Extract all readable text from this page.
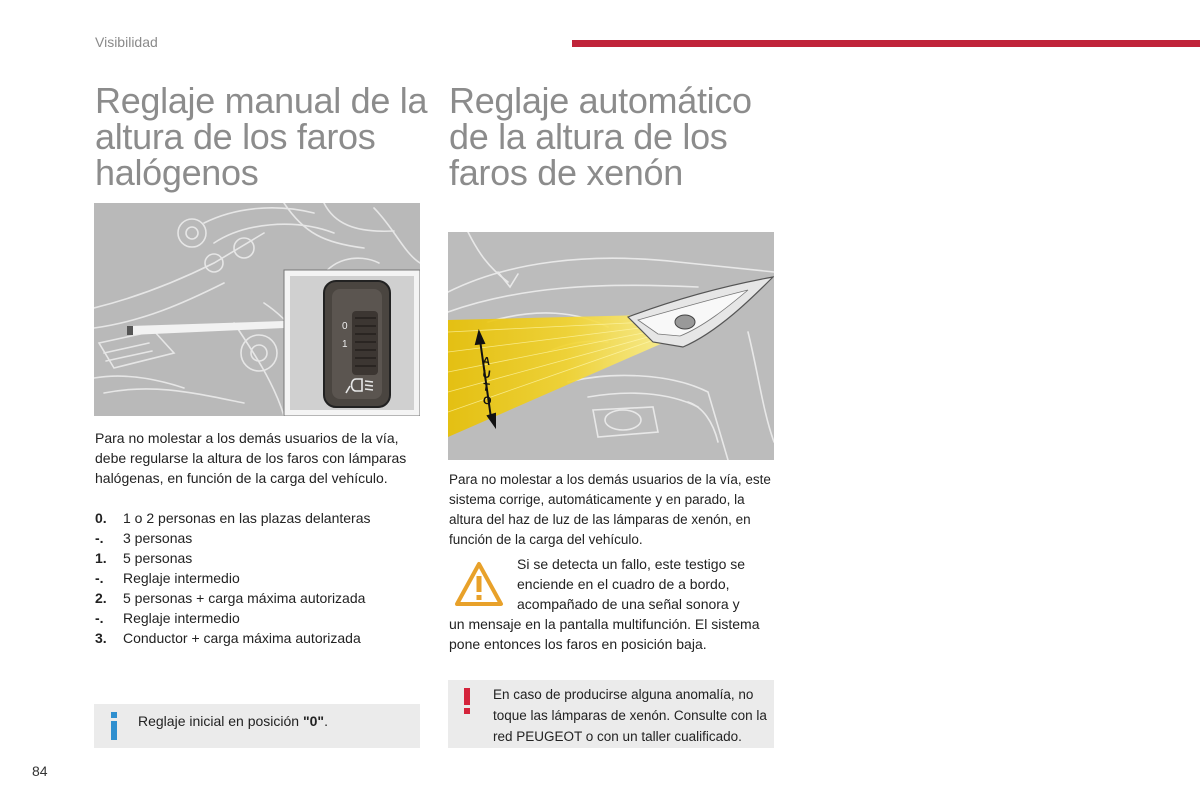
Visibilidad
Reglaje manual de la altura de los faros halógenos
Reglaje automático de la altura de los faros de xenón
0
1
Para no molestar a los demás usuarios de la vía, debe regularse la altura de los faros con lámparas halógenas, en función de la carga del vehículo.
0.	1 o 2 personas en las plazas delanteras
-.	3 personas
1.	5 personas
-.	Reglaje intermedio
2.	5 personas + carga máxima autorizada
-.	Reglaje intermedio
3.	Conductor + carga máxima autorizada
Reglaje inicial en posición "0".
AUTO
Para no molestar a los demás usuarios de la vía, este sistema corrige, automáticamente y en parado, la altura del haz de luz de las lámparas de xenón, en función de la carga del vehículo.
Si se detecta un fallo, este testigo se enciende en el cuadro de a bordo, acompañado de una señal sonora y
un mensaje en la pantalla multifunción. El sistema pone entonces los faros en posición baja.
En caso de producirse alguna anomalía, no toque las lámparas de xenón. Consulte con la red PEUGEOT o con un taller cualificado.
84
